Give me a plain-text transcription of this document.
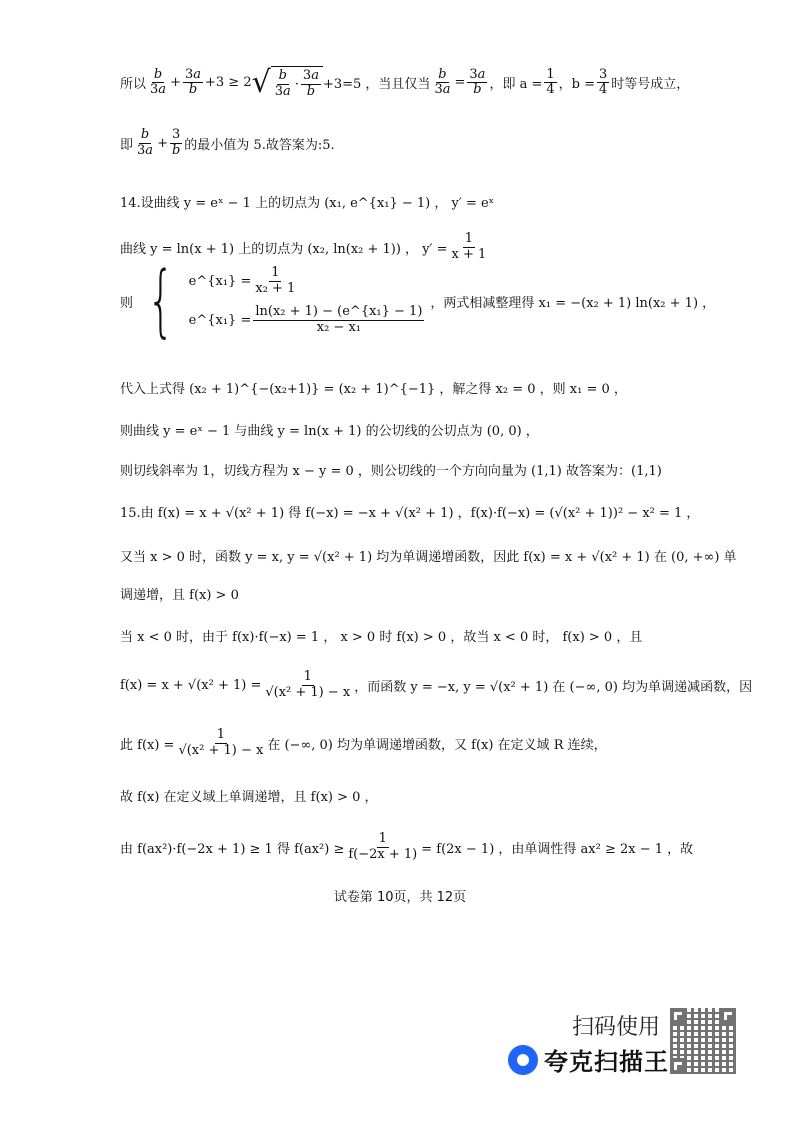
所以 $\frac{b}{3a} + \frac{3a}{b} +3 \ge 2$ √ $\frac{b}{3a} \cdot \frac{3a}{b} +3=5$ ，当且仅当 $\frac{b}{3a} = \frac{3a}{b}$ ，即 $a = \frac{1}{4}$ ，$b = \frac{3}{4}$ 时等号成立，
即 $\frac{b}{3a} + \frac{3}{b}$ 的最小值为 5.故答案为:5.
14.设曲线 y = eˣ − 1 上的切点为 (x₁, e^{x₁} − 1) ， y′ = eˣ
曲线 y = ln(x + 1) 上的切点为 (x₂, ln(x₂ + 1)) ， $y' = \frac{1}{x + 1}$
则 { e^{x₁} = $\frac{1}{\text{x₂ + 1}}$
e^{x₁} = $\frac{\text{ln(x₂ + 1) − (e\textasciicircum{}\{x₁\} − 1)}}{\text{x₂ − x₁}}$
，两式相减整理得 x₁ = −(x₂ + 1) ln(x₂ + 1) ，
代入上式得 (x₂ + 1)^{−(x₂+1)} = (x₂ + 1)^{−1} ，解之得 x₂ = 0 ，则 x₁ = 0 ，
则曲线 y = eˣ − 1 与曲线 y = ln(x + 1) 的公切线的公切点为 (0, 0) ，
则切线斜率为 1，切线方程为 x − y = 0 ，则公切线的一个方向向量为 (1,1) 故答案为：(1,1)
15.由 f(x) = x + √(x² + 1) 得 f(−x) = −x + √(x² + 1) ，f(x)·f(−x) = (√(x² + 1))² − x² = 1 ，
又当 x > 0 时，函数 y = x, y = √(x² + 1) 均为单调递增函数，因此 f(x) = x + √(x² + 1) 在 (0, +∞) 单
调递增，且 f(x) > 0
当 x < 0 时，由于 f(x)·f(−x) = 1 ， x > 0 时 f(x) > 0 ，故当 x < 0 时， f(x) > 0 ，且
$f(x) = x + √(x^2 + 1) = \frac{1}{\text{√(x² + 1) − x}}$ ，而函数 y = −x, y = √(x² + 1) 在 (−∞, 0) 均为单调递减函数，因
此 $f(x) = \frac{1}{\text{√(x² + 1) − x}}$ 在 (−∞, 0) 均为单调递增函数，又 f(x) 在定义域 R 连续，
故 f(x) 在定义域上单调递增，且 f(x) > 0 ，
由 f(ax²)·f(−2x + 1) ≥ 1 得 $f(ax^2) \ge \frac{1}{f(-2x + 1)} = f(2x - 1)$ ，由单调性得 ax² ≥ 2x − 1 ，故
试卷第 10页，共 12页
扫码使用
夸克扫描王
